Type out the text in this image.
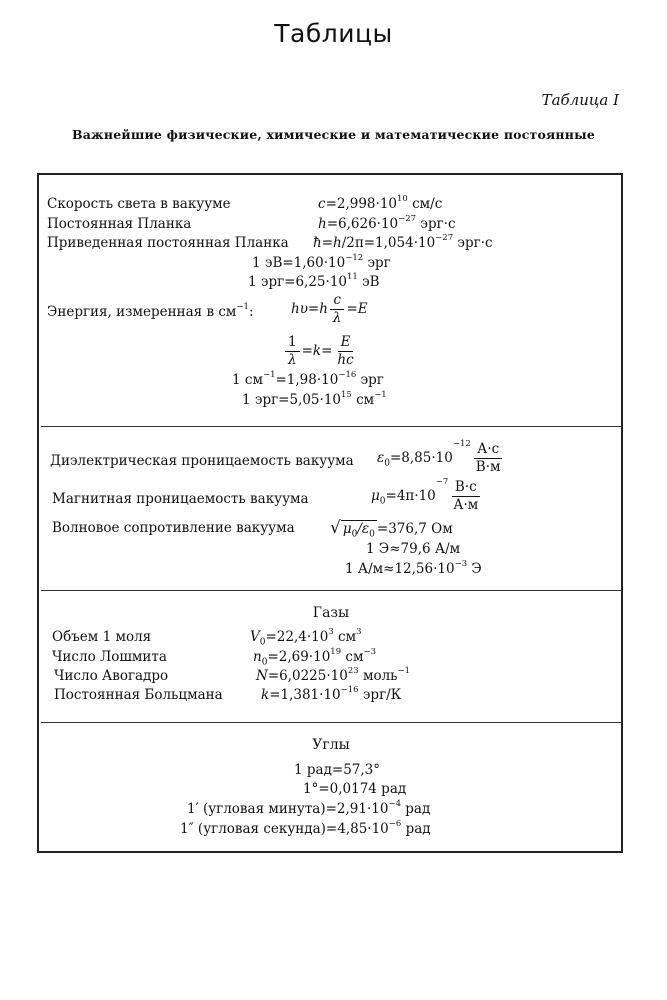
Таблицы
Таблица I
Важнейшие физические, химические и математические постоянные
Скорость света в вакууме	$c=2,998\cdot 10^{10}$ см/с
Постоянная Планка	$h=6,626\cdot 10^{-27}$ эрг·с
Приведенная постоянная Планка $ħ=h/2\pi=1,054\cdot 10^{-27}$ эрг·с
1 $эВ=1,60\cdot 10^{-12}$ эрг
1 $эрг=6,25\cdot 10^{11}$ эВ
Энергия, измеренная в $см^{-1}$:	$h\upsilon=h \frac{c}{\lambda} =E$
$\frac{1}{\lambda} =k= \frac{E}{hc}$
1 $см^{-1}=1,98\cdot 10^{-16}$ эрг
1 $эрг=5,05\cdot 10^{15}$ $см^{-1}$
Диэлектрическая проницаемость вакуума $\varepsilon_0=8,85\cdot 10^{-12} \frac{А\cdot с}{В\cdot м}$
Магнитная проницаемость вакуума	$\mu_0=4\pi\cdot 10^{-7} \frac{В\cdot с}{А\cdot м}$
Волновое сопротивление вакуума √ $\mu_0/\varepsilon_0 =376,7$ Ом
1 Э≈79,6 А/м
1 $А/м\approx 12,56\cdot 10^{-3}$ Э
Газы
Объем 1 моля	$V_0=22,4\cdot 10^3$ $см^3$
Число Лошмита	$n_0=2,69\cdot 10^{19}$ $см^{-3}$
Число Авогадро	$N=6,0225\cdot 10^{23}$ моль$^{-1}$
Постоянная Больцмана	$k=1,381\cdot 10^{-16}$ эрг/К
Углы
1 рад=57,3°
1°=0,0174 рад
1′ (угловая $минута)=2,91\cdot 10^{-4}$ рад
1″ (угловая $секунда)=4,85\cdot 10^{-6}$ рад
